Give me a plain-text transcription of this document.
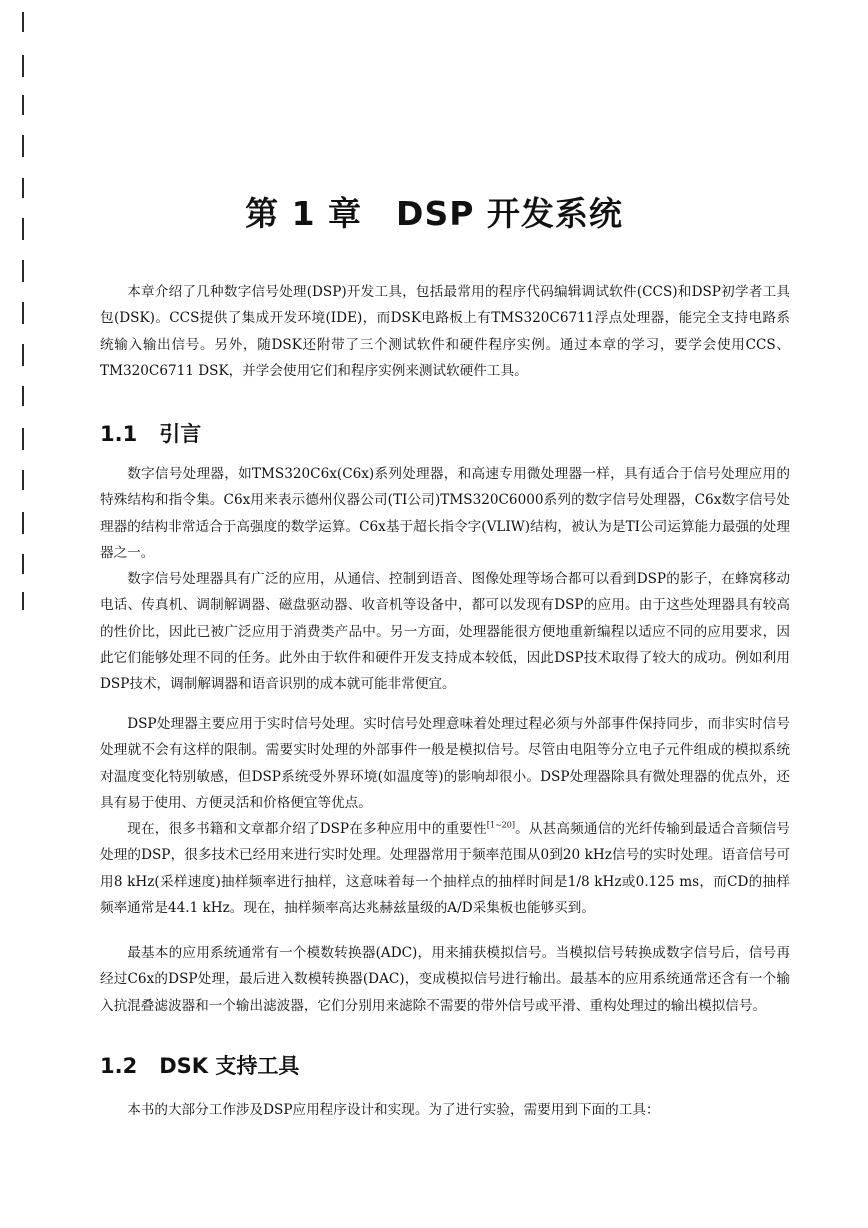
第 1 章　DSP 开发系统

本章介绍了几种数字信号处理(DSP)开发工具，包括最常用的程序代码编辑调试软件(CCS)和DSP初学者工具包(DSK)。CCS提供了集成开发环境(IDE)，而DSK电路板上有TMS320C6711浮点处理器，能完全支持电路系统输入输出信号。另外，随DSK还附带了三个测试软件和硬件程序实例。通过本章的学习，要学会使用CCS、TM320C6711 DSK，并学会使用它们和程序实例来测试软硬件工具。

1.1 引言

数字信号处理器，如TMS320C6x(C6x)系列处理器，和高速专用微处理器一样，具有适合于信号处理应用的特殊结构和指令集。C6x用来表示德州仪器公司(TI公司)TMS320C6000系列的数字信号处理器，C6x数字信号处理器的结构非常适合于高强度的数学运算。C6x基于超长指令字(VLIW)结构，被认为是TI公司运算能力最强的处理器之一。

数字信号处理器具有广泛的应用，从通信、控制到语音、图像处理等场合都可以看到DSP的影子，在蜂窝移动电话、传真机、调制解调器、磁盘驱动器、收音机等设备中，都可以发现有DSP的应用。由于这些处理器具有较高的性价比，因此已被广泛应用于消费类产品中。另一方面，处理器能很方便地重新编程以适应不同的应用要求，因此它们能够处理不同的任务。此外由于软件和硬件开发支持成本较低，因此DSP技术取得了较大的成功。例如利用DSP技术，调制解调器和语音识别的成本就可能非常便宜。

DSP处理器主要应用于实时信号处理。实时信号处理意味着处理过程必须与外部事件保持同步，而非实时信号处理就不会有这样的限制。需要实时处理的外部事件一般是模拟信号。尽管由电阻等分立电子元件组成的模拟系统对温度变化特别敏感，但DSP系统受外界环境(如温度等)的影响却很小。DSP处理器除具有微处理器的优点外，还具有易于使用、方便灵活和价格便宜等优点。

现在，很多书籍和文章都介绍了DSP在多种应用中的重要性[1~20]。从甚高频通信的光纤传输到最适合音频信号处理的DSP，很多技术已经用来进行实时处理。处理器常用于频率范围从0到20 kHz信号的实时处理。语音信号可用8 kHz(采样速度)抽样频率进行抽样，这意味着每一个抽样点的抽样时间是1/8 kHz或0.125 ms，而CD的抽样频率通常是44.1 kHz。现在，抽样频率高达兆赫兹量级的A/D采集板也能够买到。

最基本的应用系统通常有一个模数转换器(ADC)，用来捕获模拟信号。当模拟信号转换成数字信号后，信号再经过C6x的DSP处理，最后进入数模转换器(DAC)，变成模拟信号进行输出。最基本的应用系统通常还含有一个输入抗混叠滤波器和一个输出滤波器，它们分别用来滤除不需要的带外信号或平滑、重构处理过的输出模拟信号。

1.2 DSK 支持工具

本书的大部分工作涉及DSP应用程序设计和实现。为了进行实验，需要用到下面的工具：
